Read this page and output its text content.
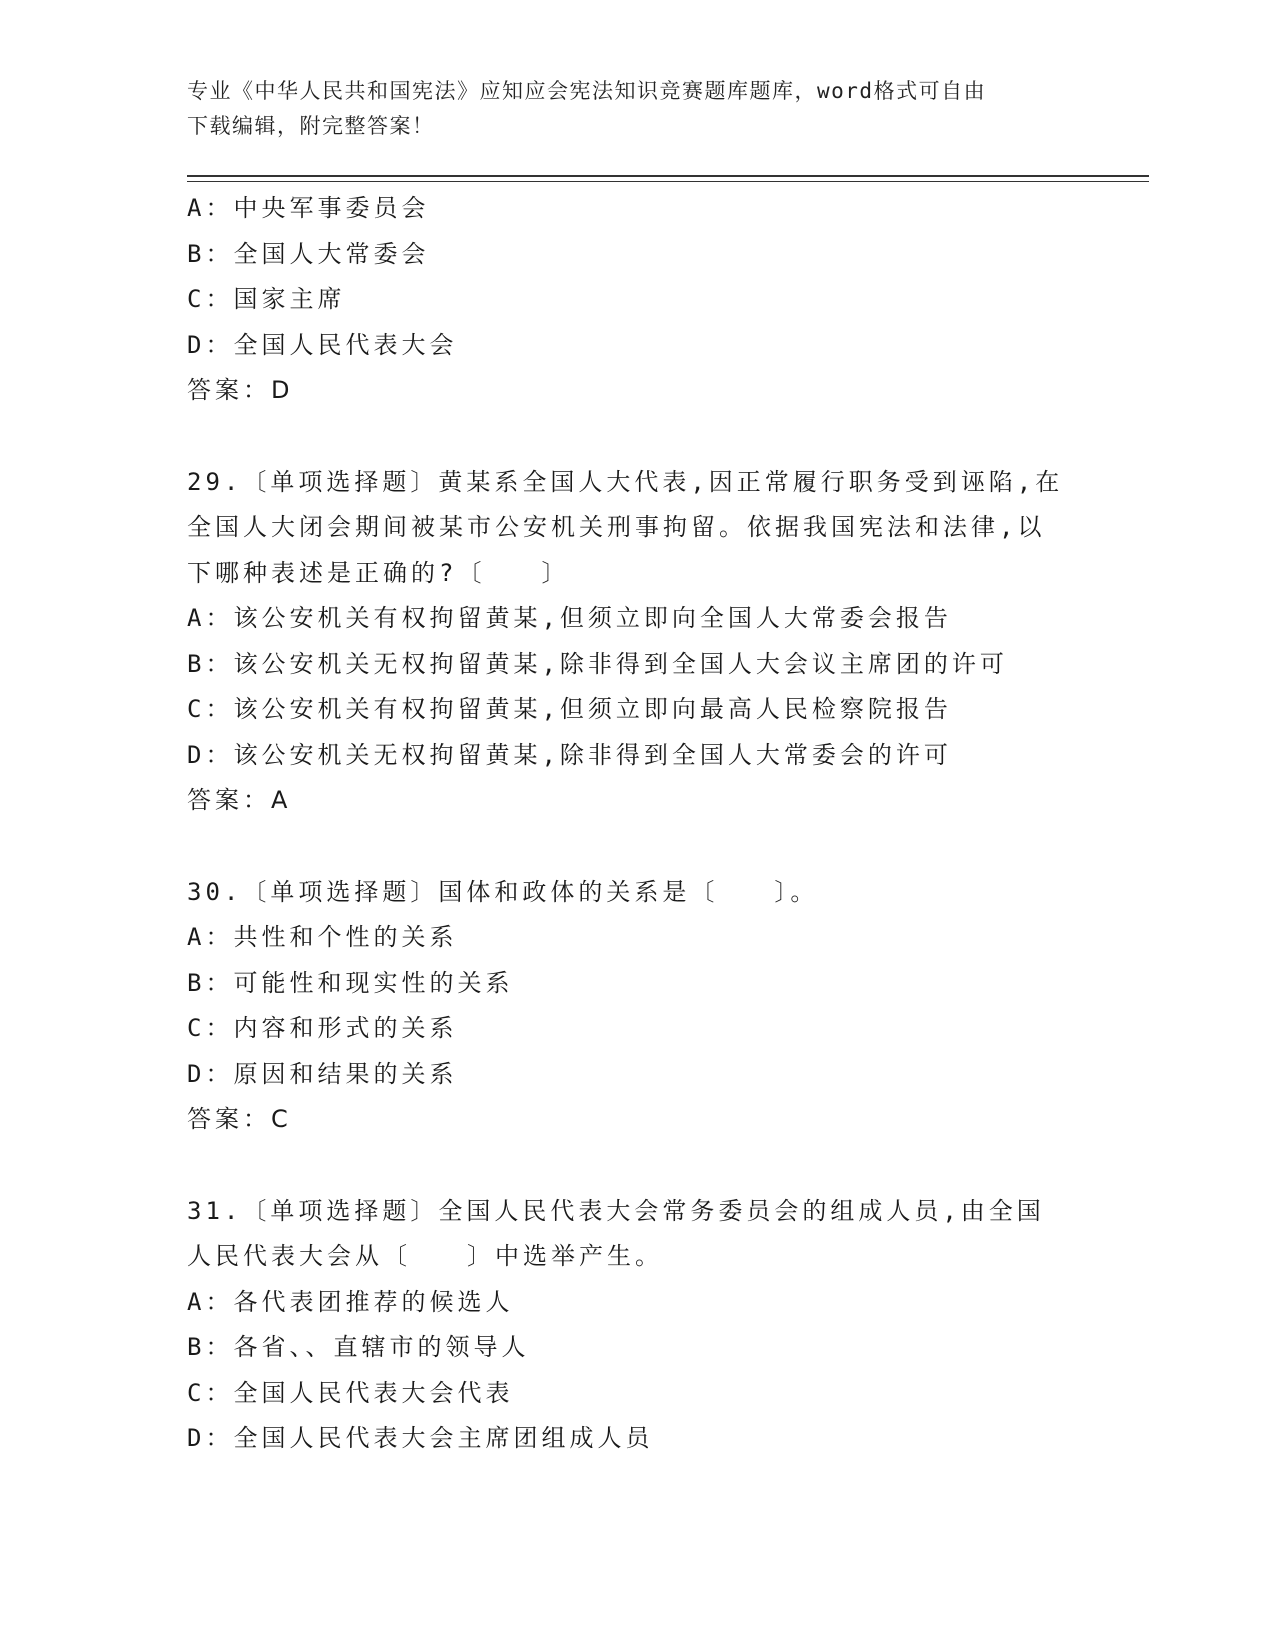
专业《中华人民共和国宪法》应知应会宪法知识竞赛题库题库，word格式可自由
下载编辑，附完整答案！
A：中央军事委员会
B：全国人大常委会
C：国家主席
D：全国人民代表大会
答案：D
29.〔单项选择题〕黄某系全国人大代表,因正常履行职务受到诬陷,在
全国人大闭会期间被某市公安机关刑事拘留。依据我国宪法和法律,以
下哪种表述是正确的?〔　　〕
A：该公安机关有权拘留黄某,但须立即向全国人大常委会报告
B：该公安机关无权拘留黄某,除非得到全国人大会议主席团的许可
C：该公安机关有权拘留黄某,但须立即向最高人民检察院报告
D：该公安机关无权拘留黄某,除非得到全国人大常委会的许可
答案：A
30.〔单项选择题〕国体和政体的关系是〔　　〕。
A：共性和个性的关系
B：可能性和现实性的关系
C：内容和形式的关系
D：原因和结果的关系
答案：C
31.〔单项选择题〕全国人民代表大会常务委员会的组成人员,由全国
人民代表大会从〔　　〕中选举产生。
A：各代表团推荐的候选人
B：各省、、直辖市的领导人
C：全国人民代表大会代表
D：全国人民代表大会主席团组成人员
